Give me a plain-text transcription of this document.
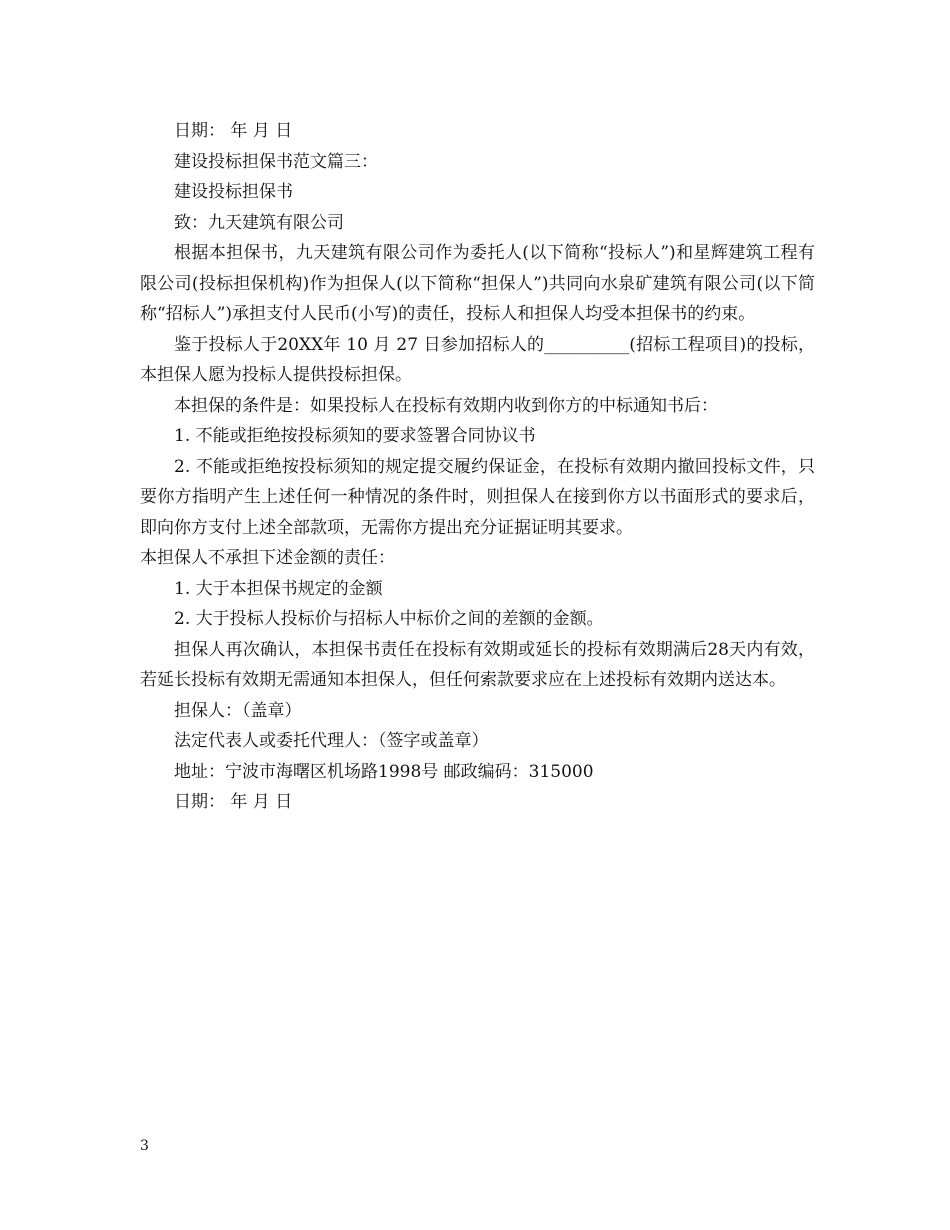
日期： 年 月 日

建设投标担保书范文篇三：

建设投标担保书

致：九天建筑有限公司

根据本担保书，九天建筑有限公司作为委托人(以下简称“投标人”)和星辉建筑工程有限公司(投标担保机构)作为担保人(以下简称“担保人”)共同向水泉矿建筑有限公司(以下简称“招标人”)承担支付人民币(小写)的责任，投标人和担保人均受本担保书的约束。

鉴于投标人于20XX年 10 月 27 日参加招标人的__________(招标工程项目)的投标，本担保人愿为投标人提供投标担保。

本担保的条件是：如果投标人在投标有效期内收到你方的中标通知书后：

1. 不能或拒绝按投标须知的要求签署合同协议书

2. 不能或拒绝按投标须知的规定提交履约保证金，在投标有效期内撤回投标文件，只要你方指明产生上述任何一种情况的条件时，则担保人在接到你方以书面形式的要求后，即向你方支付上述全部款项，无需你方提出充分证据证明其要求。

本担保人不承担下述金额的责任：

1. 大于本担保书规定的金额

2. 大于投标人投标价与招标人中标价之间的差额的金额。

担保人再次确认，本担保书责任在投标有效期或延长的投标有效期满后28天内有效，若延长投标有效期无需通知本担保人，但任何索款要求应在上述投标有效期内送达本。

担保人：（盖章）

法定代表人或委托代理人：（签字或盖章）

地址：宁波市海曙区机场路1998号 邮政编码：315000

日期： 年 月 日

3
